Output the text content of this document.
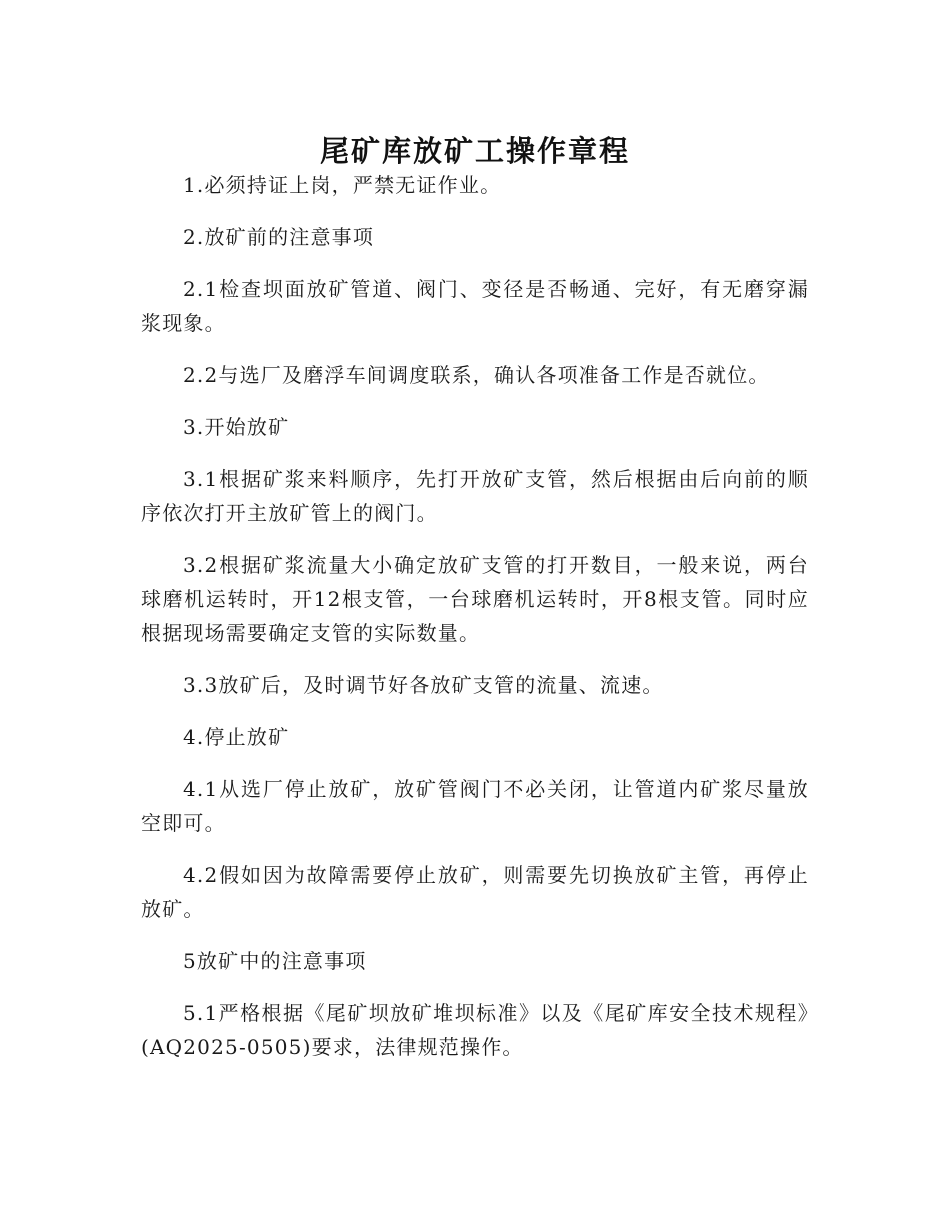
尾矿库放矿工操作章程

1.必须持证上岗，严禁无证作业。

2.放矿前的注意事项

2.1检查坝面放矿管道、阀门、变径是否畅通、完好，有无磨穿漏浆现象。

2.2与选厂及磨浮车间调度联系，确认各项准备工作是否就位。

3.开始放矿

3.1根据矿浆来料顺序，先打开放矿支管，然后根据由后向前的顺序依次打开主放矿管上的阀门。

3.2根据矿浆流量大小确定放矿支管的打开数目，一般来说，两台球磨机运转时，开12根支管，一台球磨机运转时，开8根支管。同时应根据现场需要确定支管的实际数量。

3.3放矿后，及时调节好各放矿支管的流量、流速。

4.停止放矿

4.1从选厂停止放矿，放矿管阀门不必关闭，让管道内矿浆尽量放空即可。

4.2假如因为故障需要停止放矿，则需要先切换放矿主管，再停止放矿。

5放矿中的注意事项

5.1严格根据《尾矿坝放矿堆坝标准》以及《尾矿库安全技术规程》(AQ2025-0505)要求，法律规范操作。
